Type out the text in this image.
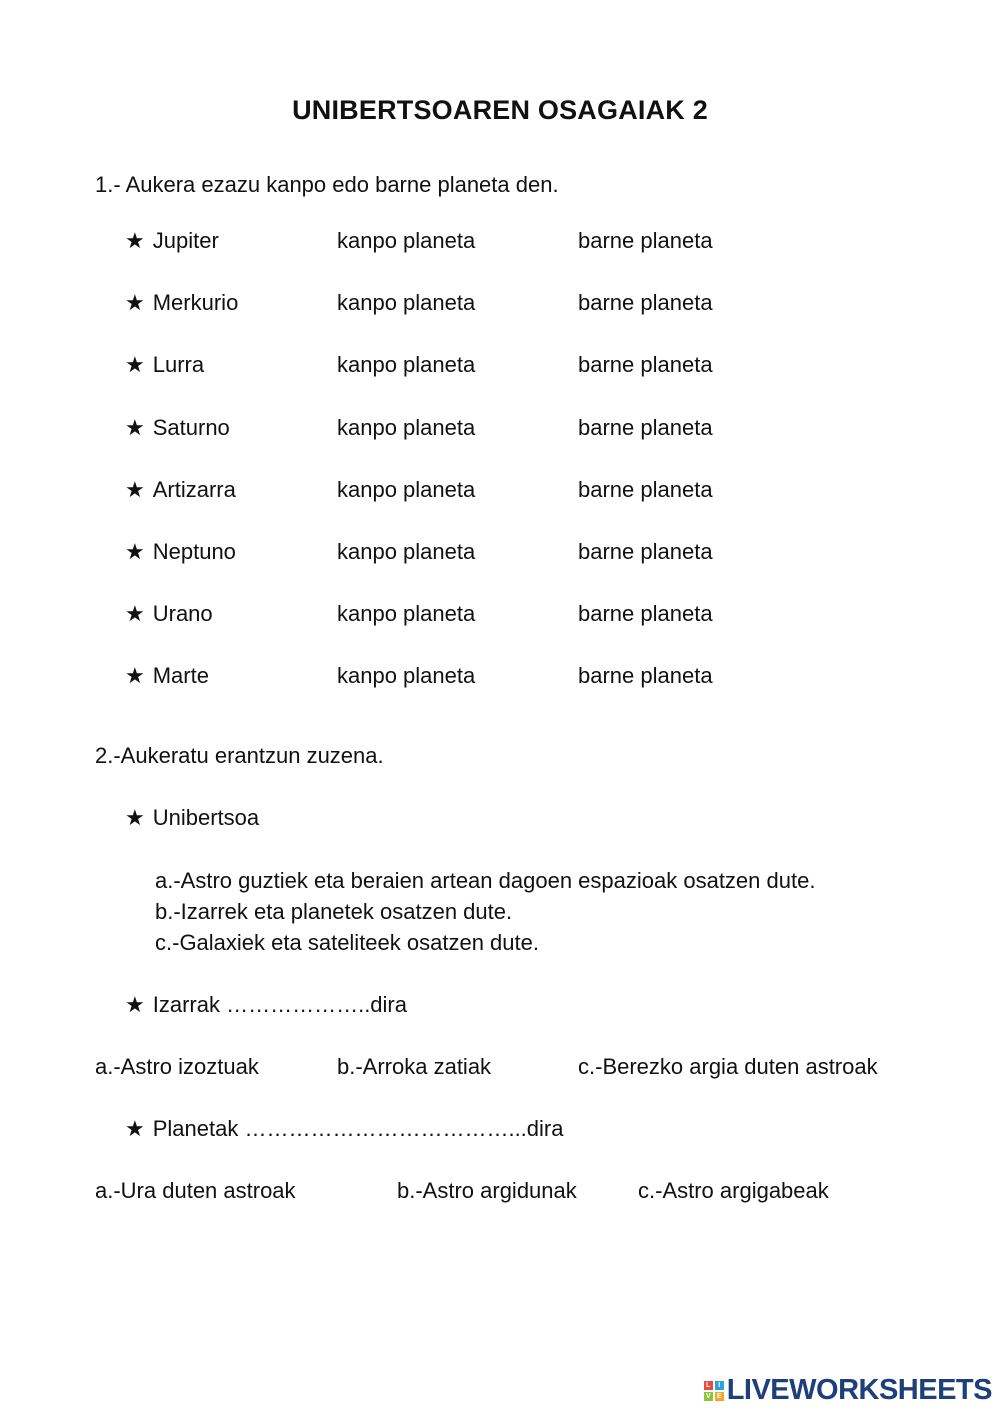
UNIBERTSOAREN OSAGAIAK 2
1.- Aukera ezazu kanpo edo barne planeta den.
★ Jupiter	kanpo planeta	barne planeta
★ Merkurio	kanpo planeta	barne planeta
★ Lurra	kanpo planeta	barne planeta
★ Saturno	kanpo planeta	barne planeta
★ Artizarra	kanpo planeta	barne planeta
★ Neptuno	kanpo planeta	barne planeta
★ Urano	kanpo planeta	barne planeta
★ Marte	kanpo planeta	barne planeta
2.-Aukeratu erantzun zuzena.
★ Unibertsoa
a.-Astro guztiek eta beraien artean dagoen espazioak osatzen dute.
b.-Izarrek eta planetek osatzen dute.
c.-Galaxiek eta sateliteek osatzen dute.
★ Izarrak ………………..dira
a.-Astro izoztuak	b.-Arroka zatiak	c.-Berezko argia duten astroak
★ Planetak ………………………………...dira
a.-Ura duten astroak	b.-Astro argidunak	c.-Astro argigabeak
L	I
V E LIVEWORKSHEETS
